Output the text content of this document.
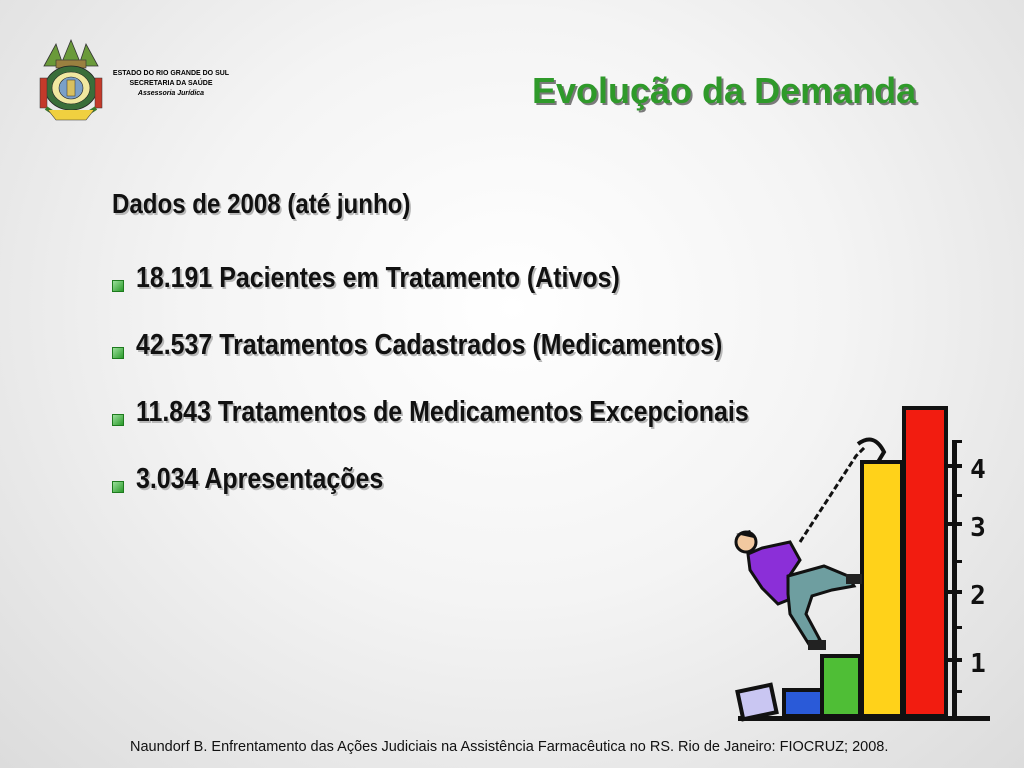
ESTADO DO RIO GRANDE DO SUL
SECRETARIA DA SAÚDE
Assessoria Jurídica	Evolução da Demanda
Dados de 2008 (até junho)
18.191 Pacientes em Tratamento (Ativos)
42.537 Tratamentos Cadastrados (Medicamentos)
11.843 Tratamentos de Medicamentos Excepcionais
3.034 Apresentações	4
3
2
1
Naundorf B. Enfrentamento das Ações Judiciais na Assistência Farmacêutica no RS. Rio de Janeiro: FIOCRUZ; 2008.
